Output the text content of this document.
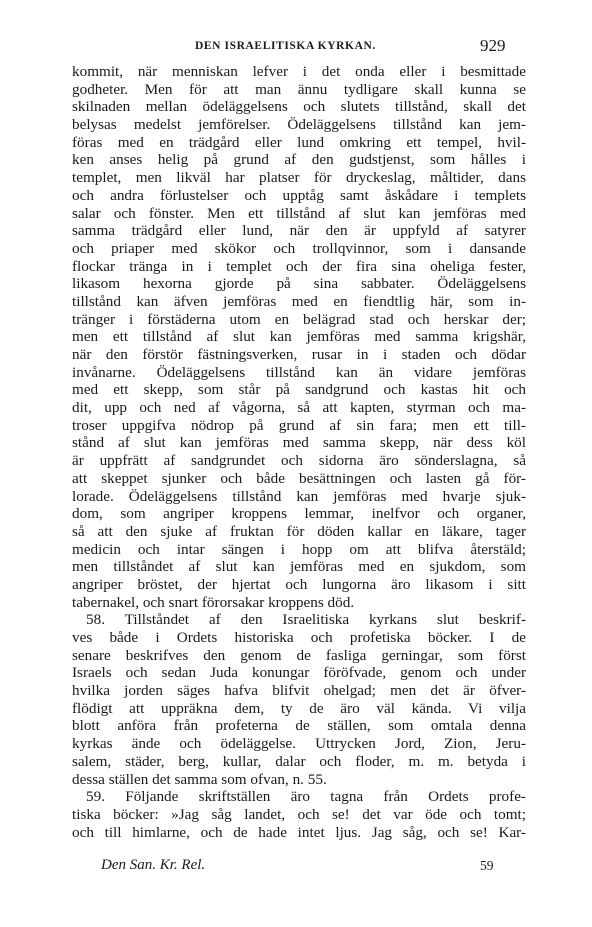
DEN ISRAELITISKA KYRKAN.	929
kommit, när menniskan lefver i det onda eller i besmittade
godheter. Men för att man ännu tydligare skall kunna se
skilnaden mellan ödeläggelsens och slutets tillstånd, skall det
belysas medelst jemförelser. Ödeläggelsens tillstånd kan jem-
föras med en trädgård eller lund omkring ett tempel, hvil-
ken anses helig på grund af den gudstjenst, som hålles i
templet, men likväl har platser för dryckeslag, måltider, dans
och andra förlustelser och upptåg samt åskådare i templets
salar och fönster. Men ett tillstånd af slut kan jemföras med
samma trädgård eller lund, när den är uppfyld af satyrer
och priaper med skökor och trollqvinnor, som i dansande
flockar tränga in i templet och der fira sina oheliga fester,
likasom hexorna gjorde på sina sabbater. Ödeläggelsens
tillstånd kan äfven jemföras med en fiendtlig här, som in-
tränger i förstäderna utom en belägrad stad och herskar der;
men ett tillstånd af slut kan jemföras med samma krigshär,
när den förstör fästningsverken, rusar in i staden och dödar
invånarne. Ödeläggelsens tillstånd kan än vidare jemföras
med ett skepp, som står på sandgrund och kastas hit och
dit, upp och ned af vågorna, så att kapten, styrman och ma-
troser uppgifva nödrop på grund af sin fara; men ett till-
stånd af slut kan jemföras med samma skepp, när dess köl
är uppfrätt af sandgrundet och sidorna äro sönderslagna, så
att skeppet sjunker och både besättningen och lasten gå för-
lorade. Ödeläggelsens tillstånd kan jemföras med hvarje sjuk-
dom, som angriper kroppens lemmar, inelfvor och organer,
så att den sjuke af fruktan för döden kallar en läkare, tager
medicin och intar sängen i hopp om att blifva återstäld;
men tillståndet af slut kan jemföras med en sjukdom, som
angriper bröstet, der hjertat och lungorna äro likasom i sitt
tabernakel, och snart förorsakar kroppens död.
58. Tillståndet af den Israelitiska kyrkans slut beskrif-
ves både i Ordets historiska och profetiska böcker. I de
senare beskrifves den genom de fasliga gerningar, som först
Israels och sedan Juda konungar föröfvade, genom och under
hvilka jorden säges hafva blifvit ohelgad; men det är öfver-
flödigt att uppräkna dem, ty de äro väl kända. Vi vilja
blott anföra från profeterna de ställen, som omtala denna
kyrkas ände och ödeläggelse. Uttrycken Jord, Zion, Jeru-
salem, städer, berg, kullar, dalar och floder, m. m. betyda i
dessa ställen det samma som ofvan, n. 55.
59. Följande skriftställen äro tagna från Ordets profe-
tiska böcker: »Jag såg landet, och se! det var öde och tomt;
och till himlarne, och de hade intet ljus. Jag såg, och se! Kar-
Den San. Kr. Rel.	59
